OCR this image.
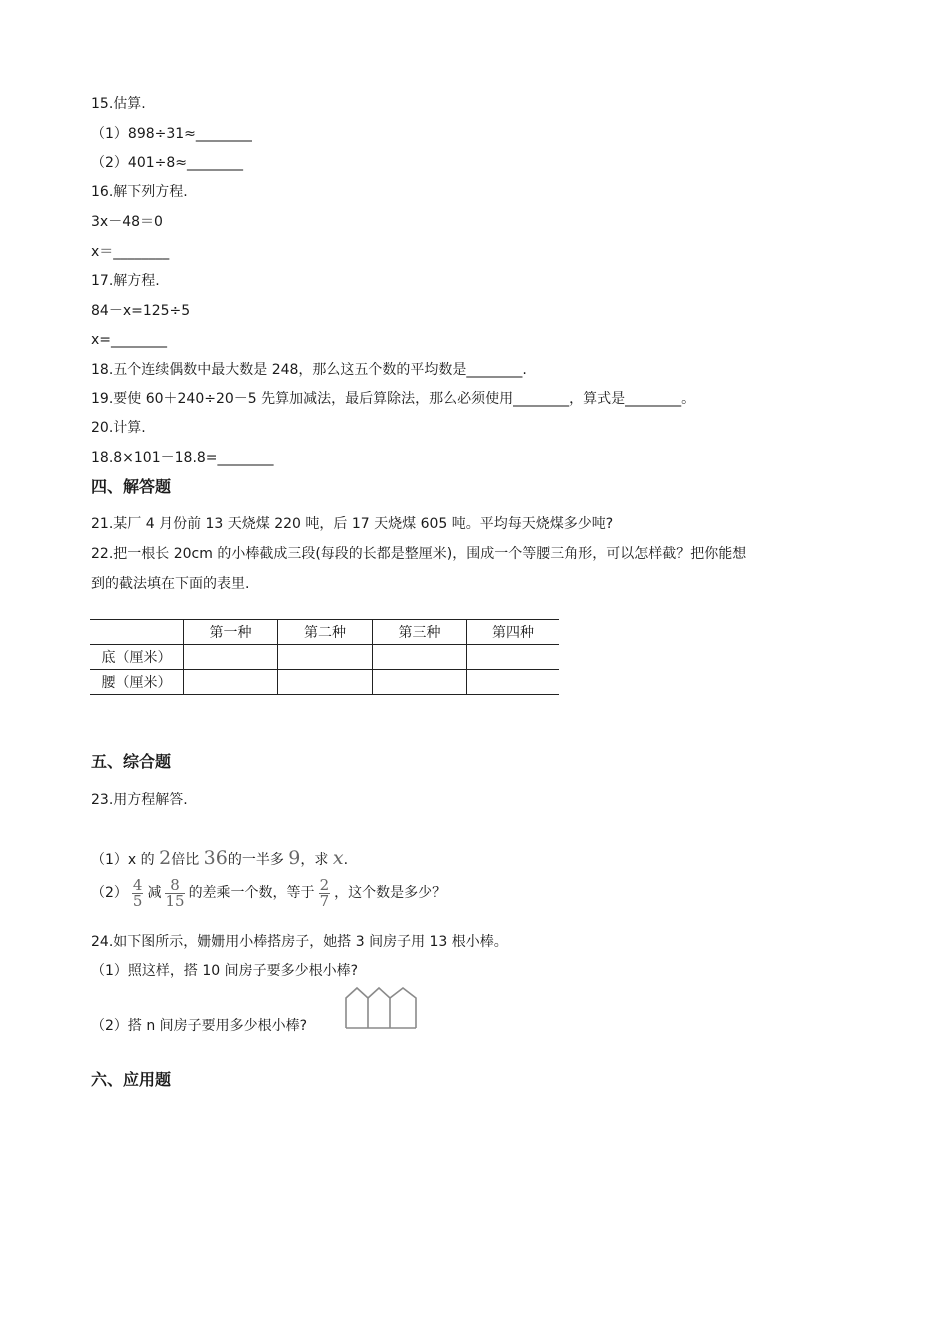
15.估算.
（1）898÷31≈________
（2）401÷8≈________
16.解下列方程.
3x－48＝0
x＝________
17.解方程.
84－x=125÷5
x=________
18.五个连续偶数中最大数是 248，那么这五个数的平均数是________.
19.要使 60＋240÷20－5 先算加减法，最后算除法，那么必须使用________，算式是________。
20.计算.
18.8×101－18.8=________
四、解答题
21.某厂 4 月份前 13 天烧煤 220 吨，后 17 天烧煤 605 吨。平均每天烧煤多少吨?
22.把一根长 20cm 的小棒截成三段(每段的长都是整厘米)，围成一个等腰三角形，可以怎样截？把你能想
到的截法填在下面的表里.
	第一种	第二种	第三种	第四种
底（厘米）				
腰（厘米）				
五、综合题
23.用方程解答.
（1）x 的 2倍比 36的一半多 9，求 x.
$(2) \frac{4}{5}$ 减 $\frac{8}{15}$ 的差乘一个数，等于 $\frac{2}{7}$ ，这个数是多少？
24.如下图所示，姗姗用小棒搭房子，她搭 3 间房子用 13 根小棒。
（1）照这样，搭 10 间房子要多少根小棒?
（2）搭 n 间房子要用多少根小棒?
六、应用题
